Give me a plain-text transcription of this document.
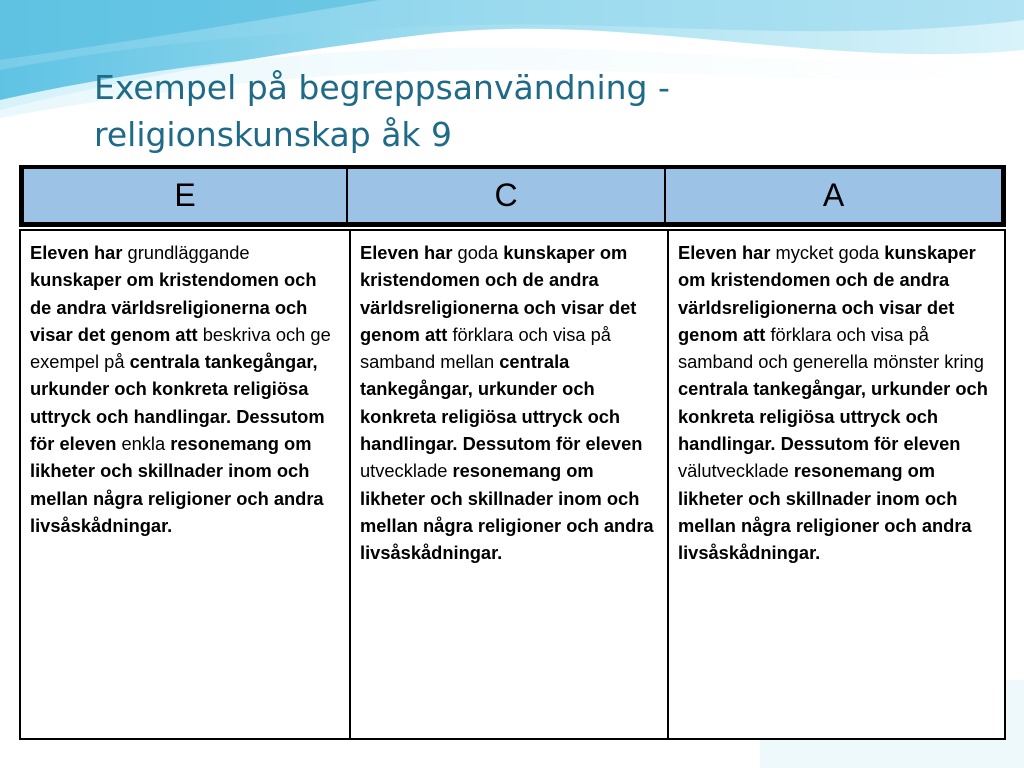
Exempel på begreppsanvändning -
religionskunskap åk 9
E	C	A

Eleven har grundläggande kunskaper om kristendomen och de andra världsreligionerna och visar det genom att beskriva och ge exempel på centrala tankegångar, urkunder och konkreta religiösa uttryck och handlingar. Dessutom för eleven enkla resonemang om likheter och skillnader inom och mellan några religioner och andra livsåskådningar.

Eleven har goda kunskaper om kristendomen och de andra världsreligionerna och visar det genom att förklara och visa på samband mellan centrala tankegångar, urkunder och konkreta religiösa uttryck och handlingar. Dessutom för eleven utvecklade resonemang om likheter och skillnader inom och mellan några religioner och andra livsåskådningar.

Eleven har mycket goda kunskaper om kristendomen och de andra världsreligionerna och visar det genom att förklara och visa på samband och generella mönster kring centrala tankegångar, urkunder och konkreta religiösa uttryck och handlingar. Dessutom för eleven välutvecklade resonemang om likheter och skillnader inom och mellan några religioner och andra livsåskådningar.
